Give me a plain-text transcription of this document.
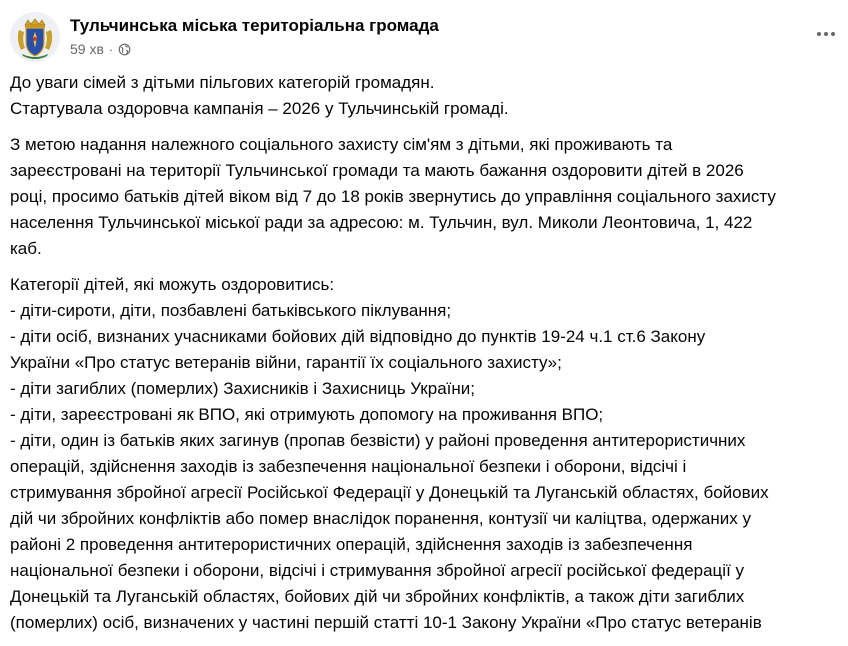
Тульчинська міська територіальна громада
59 хв ·
До уваги сімей з дітьми пільгових категорій громадян.
Стартувала оздоровча кампанія – 2026 у Тульчинській громаді.
З метою надання належного соціального захисту сім'ям з дітьми, які проживають та
зареєстровані на території Тульчинської громади та мають бажання оздоровити дітей в 2026
році, просимо батьків дітей віком від 7 до 18 років звернутись до управління соціального захисту
населення Тульчинської міської ради за адресою: м. Тульчин, вул. Миколи Леонтовича, 1, 422
каб.
Категорії дітей, які можуть оздоровитись:
- діти-сироти, діти, позбавлені батьківського піклування;
- діти осіб, визнаних учасниками бойових дій відповідно до пунктів 19-24 ч.1 ст.6 Закону
України «Про статус ветеранів війни, гарантії їх соціального захисту»;
- діти загиблих (померлих) Захисників і Захисниць України;
- діти, зареєстровані як ВПО, які отримують допомогу на проживання ВПО;
- діти, один із батьків яких загинув (пропав безвісти) у районі проведення антитерористичних
операцій, здійснення заходів із забезпечення національної безпеки і оборони, відсічі і
стримування збройної агресії Російської Федерації у Донецькій та Луганській областях, бойових
дій чи збройних конфліктів або помер внаслідок поранення, контузії чи каліцтва, одержаних у
районі 2 проведення антитерористичних операцій, здійснення заходів із забезпечення
національної безпеки і оборони, відсічі і стримування збройної агресії російської федерації у
Донецькій та Луганській областях, бойових дій чи збройних конфліктів, а також діти загиблих
(померлих) осіб, визначених у частині першій статті 10-1 Закону України «Про статус ветеранів
